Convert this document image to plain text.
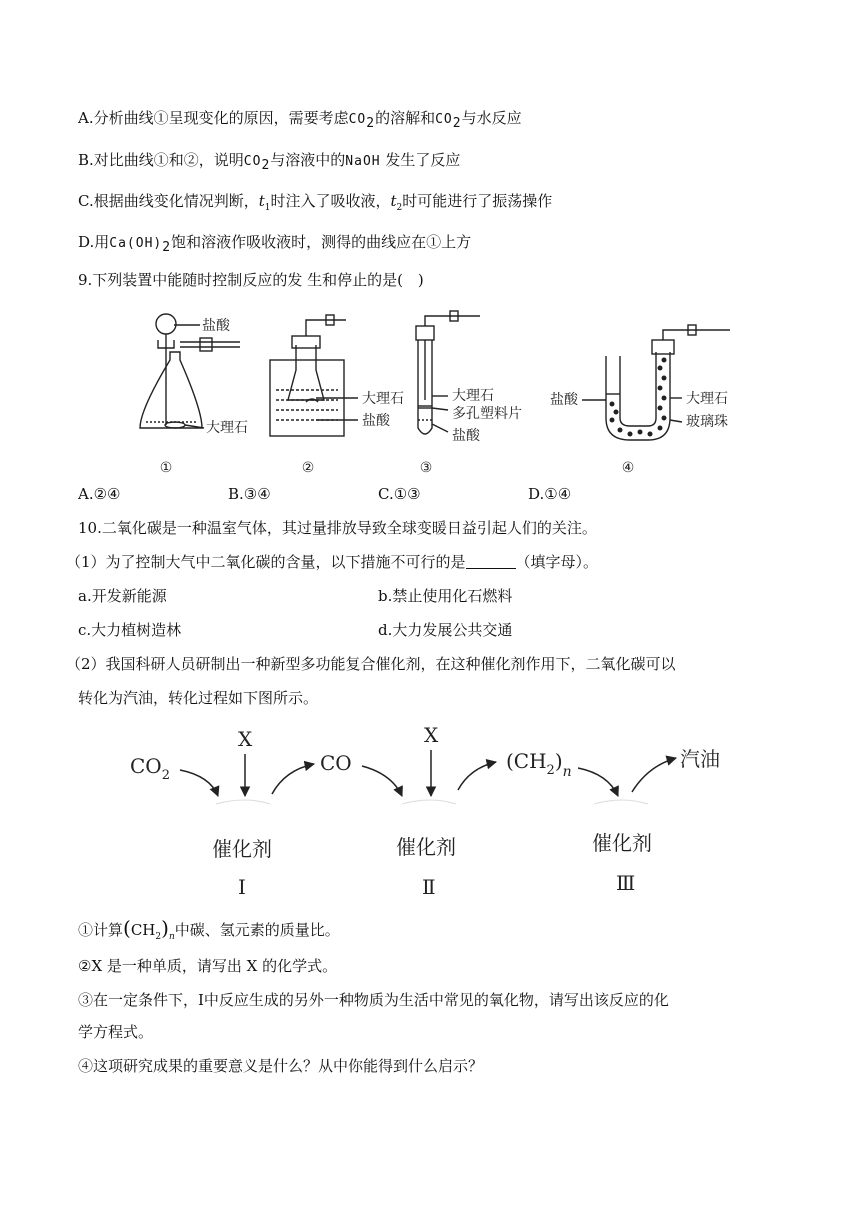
A.分析曲线①呈现变化的原因，需要考虑$CO_2$的溶解和$CO_2$与水反应
B.对比曲线①和②，说明$CO_2$与溶液中的NaOH 发生了反应
C.根据曲线变化情况判断，$t_1$时注入了吸收液，$t_2$时可能进行了振荡操作
D.用$Ca(OH)_2$饱和溶液作吸收液时，测得的曲线应在①上方
9.下列装置中能随时控制反应的发 生和停止的是(　)
盐酸
大理石
大理石
盐酸
大理石
多孔塑料片
盐酸
盐酸	大理石
玻璃珠
①	②	③	④
A.②④	B.③④	C.①③	D.①④
10.二氧化碳是一种温室气体，其过量排放导致全球变暖日益引起人们的关注。
（1）为了控制大气中二氧化碳的含量，以下措施不可行的是	（填字母）。
a.开发新能源	b.禁止使用化石燃料
c.大力植树造林	d.大力发展公共交通
（2）我国科研人员研制出一种新型多功能复合催化剂，在这种催化剂作用下，二氧化碳可以
转化为汽油，转化过程如下图所示。
$CO_2$
X
催化剂
Ⅰ
CO
X
催化剂
Ⅱ
$(CH_2)_n$
催化剂
Ⅲ
汽油
①计算$(CH_2)_n$中碳、氢元素的质量比。
②X 是一种单质，请写出 X 的化学式。
③在一定条件下，Ⅰ中反应生成的另外一种物质为生活中常见的氧化物，请写出该反应的化
学方程式。
④这项研究成果的重要意义是什么？从中你能得到什么启示？
